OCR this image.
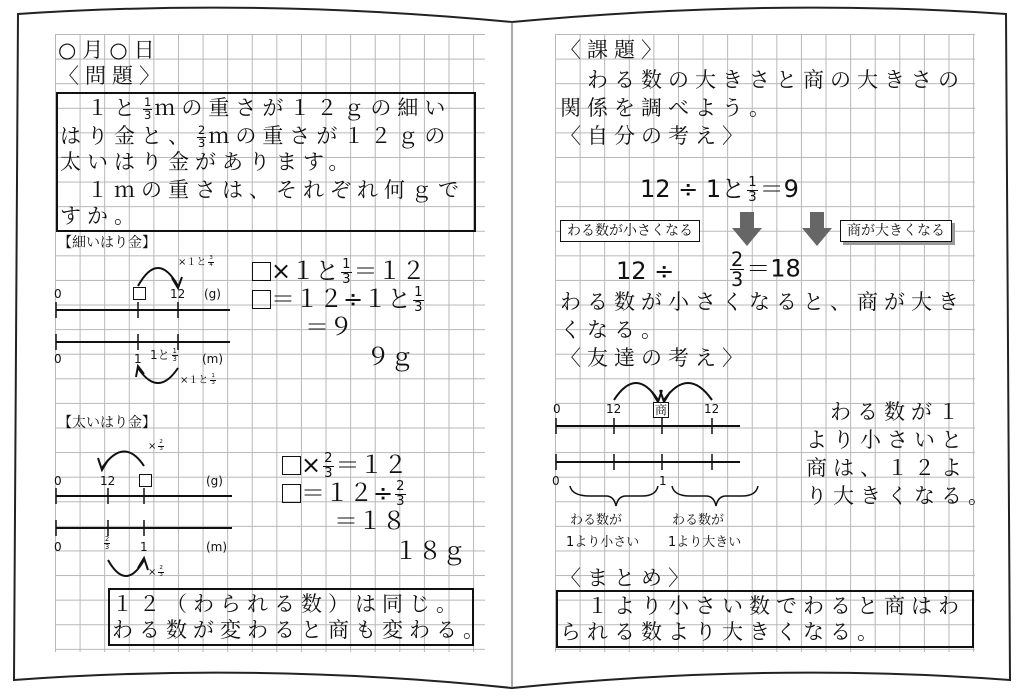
○月○日
〈問題〉
　１と $\frac{1}{3}$ ｍの重さが１２ｇの細い
はり金と、 $\frac{2}{3}$ ｍの重さが１２ｇの
太いはり金があります。
　１ｍの重さは、それぞれ何ｇで
すか。
【細いはり金】
×１と $\frac{3}{4}$
0	12 (g)
0	1 1と $\frac{1}{3} (m)$
×１と $\frac{1}{3}$
×１と $\frac{1}{3} =12$
＝１２÷１と $\frac{1}{3}$
＝９
９ｇ
【太いはり金】
× $\frac{2}{3}$
0	12	(g)
0	$\frac{2}{3} 1$	(m)
× $\frac{2}{3}$
× $\frac{2}{3} =12$
$=12\div \frac{2}{3}$
＝１８
１８ｇ
１２（わられる数）は同じ。
わる数が変わると商も変わる。
〈課題〉
　わる数の大きさと商の大きさの
関係を調べよう。
〈自分の考え〉
12 ÷ 1と $\frac{1}{3} =9$
わる数が小さくなる	商が大きくなる
12 ÷	$\frac{2}{3} =18$
わる数が小さくなると、商が大き
くなる。
〈友達の考え〉
0	12	商	12
0	1
わる数が
1より小さい
わる数が
1より大きい
わる数が１
より小さいと
商は、１２よ
り大きくなる。
〈まとめ〉
　１より小さい数でわると商はわ
られる数より大きくなる。
